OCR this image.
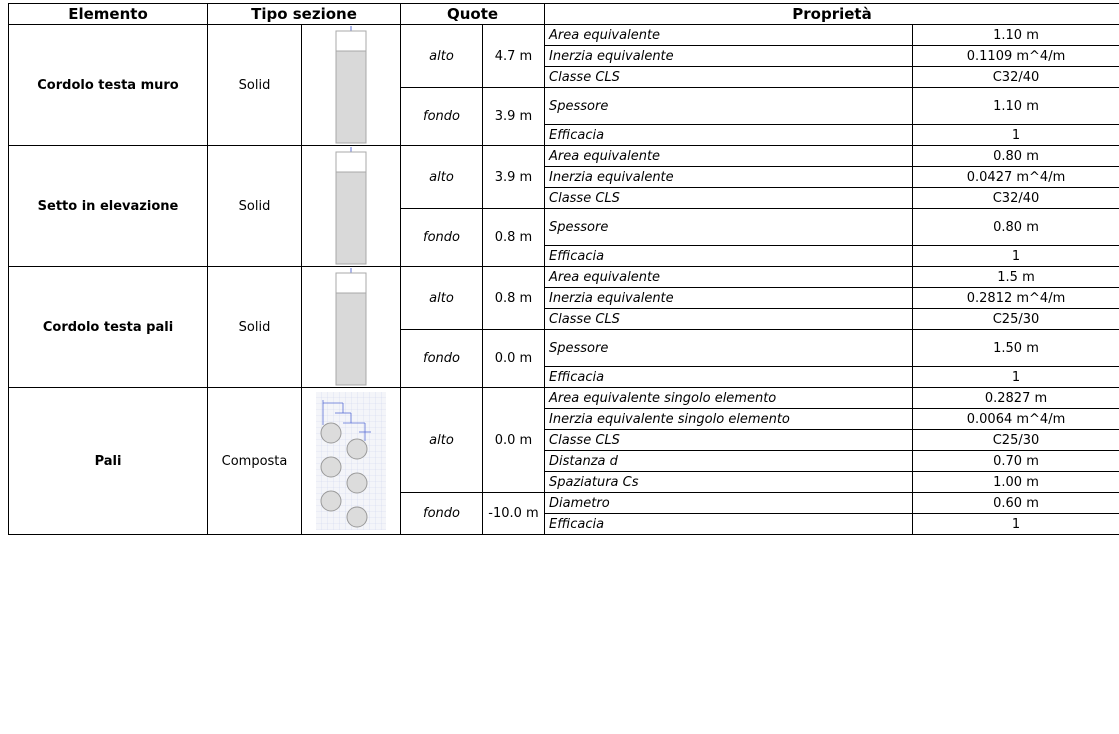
Elemento	Tipo sezione		Quote		Proprietà	
Cordolo testa muro	Solid		alto	4.7 m	Area equivalente	1.10 m
					Inerzia equivalente	0.1109 m^4/m
					Classe CLS	C32/40
			fondo	3.9 m	Spessore	1.10 m
					Efficacia	1
Setto in elevazione	Solid		alto	3.9 m	Area equivalente	0.80 m
					Inerzia equivalente	0.0427 m^4/m
					Classe CLS	C32/40
			fondo	0.8 m	Spessore	0.80 m
					Efficacia	1
Cordolo testa pali	Solid		alto	0.8 m	Area equivalente	1.5 m
					Inerzia equivalente	0.2812 m^4/m
					Classe CLS	C25/30
			fondo	0.0 m	Spessore	1.50 m
					Efficacia	1
Pali	Composta		alto	0.0 m	Area equivalente singolo elemento	0.2827 m
					Inerzia equivalente singolo elemento	0.0064 m^4/m
					Classe CLS	C25/30
					Distanza d	0.70 m
					Spaziatura Cs	1.00 m
			fondo	-10.0 m	Diametro	0.60 m
					Efficacia	1
